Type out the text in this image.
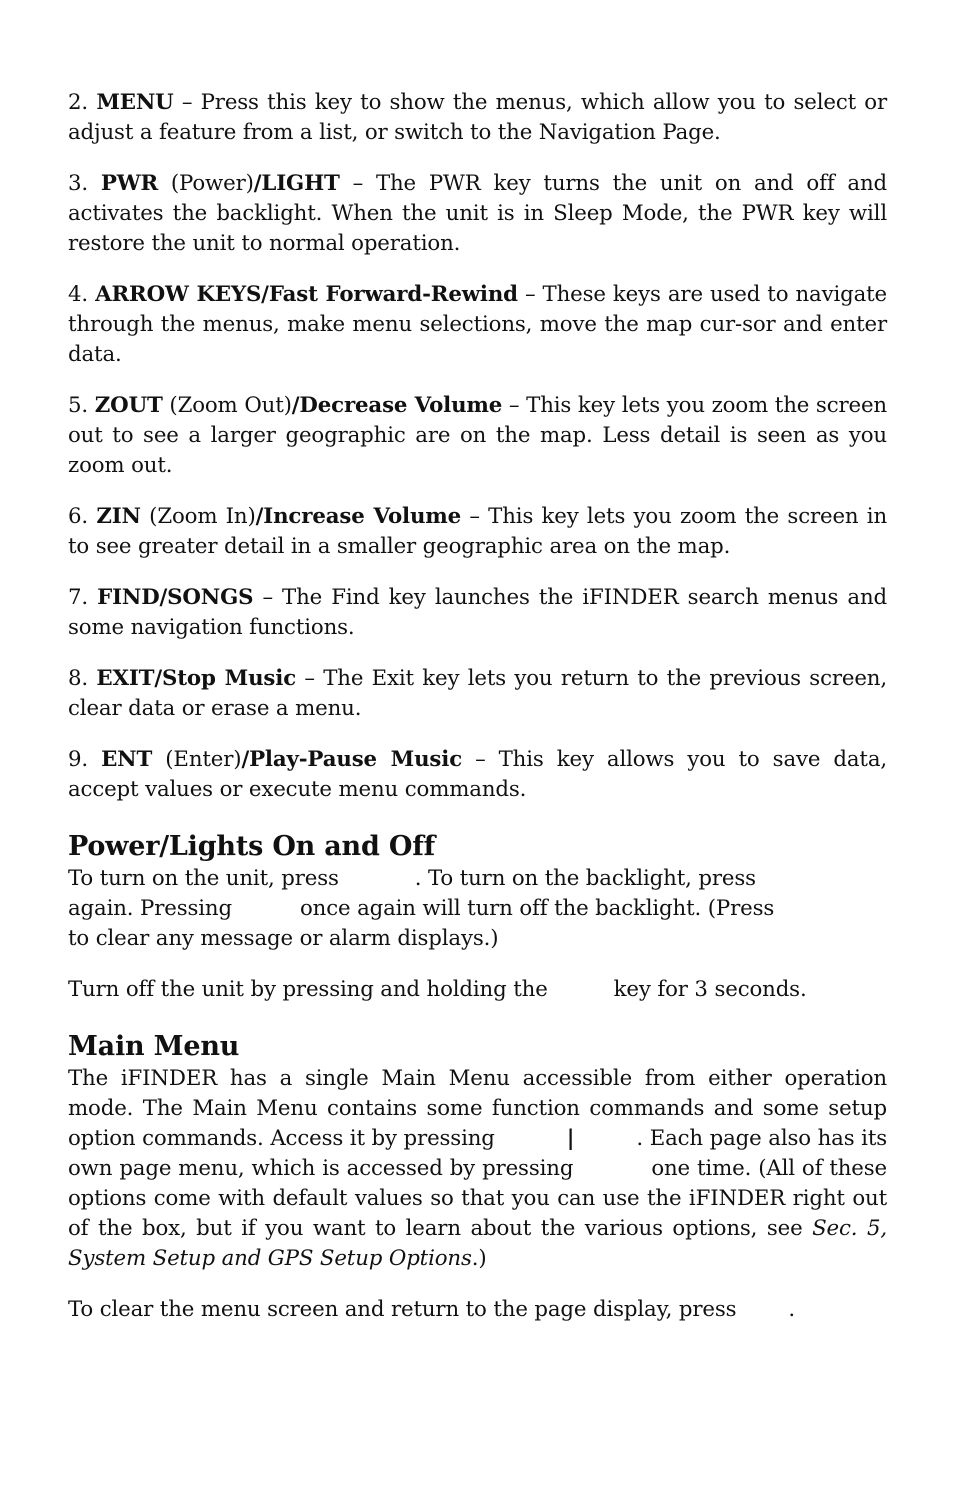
2. MENU – Press this key to show the menus, which allow you to select or adjust a feature from a list, or switch to the Navigation Page.

3. PWR (Power)/LIGHT – The PWR key turns the unit on and off and activates the backlight. When the unit is in Sleep Mode, the PWR key will restore the unit to normal operation.

4. ARROW KEYS/Fast Forward-Rewind – These keys are used to navigate through the menus, make menu selections, move the map cur-sor and enter data.

5. ZOUT (Zoom Out)/Decrease Volume – This key lets you zoom the screen out to see a larger geographic are on the map. Less detail is seen as you zoom out.

6. ZIN (Zoom In)/Increase Volume – This key lets you zoom the screen in to see greater detail in a smaller geographic area on the map.

7. FIND/SONGS – The Find key launches the iFINDER search menus and some navigation functions.

8. EXIT/Stop Music – The Exit key lets you return to the previous screen, clear data or erase a menu.

9. ENT (Enter)/Play-Pause Music – This key allows you to save data, accept values or execute menu commands.

Power/Lights On and Off

To turn on the unit, press	. To turn on the backlight, press
again. Pressing	once again will turn off the backlight. (Press
to clear any message or alarm displays.)

Turn off the unit by pressing and holding the	key for 3 seconds.

Main Menu

The iFINDER has a single Main Menu accessible from either operation mode. The Main Menu contains some function commands and some setup option commands. Access it by pressing	|	. Each page also has its own page menu, which is accessed by pressing	one time. (All of these options come with default values so that you can use the iFINDER right out of the box, but if you want to learn about the various options, see Sec. 5, System Setup and GPS Setup Options.)

To clear the menu screen and return to the page display, press .
